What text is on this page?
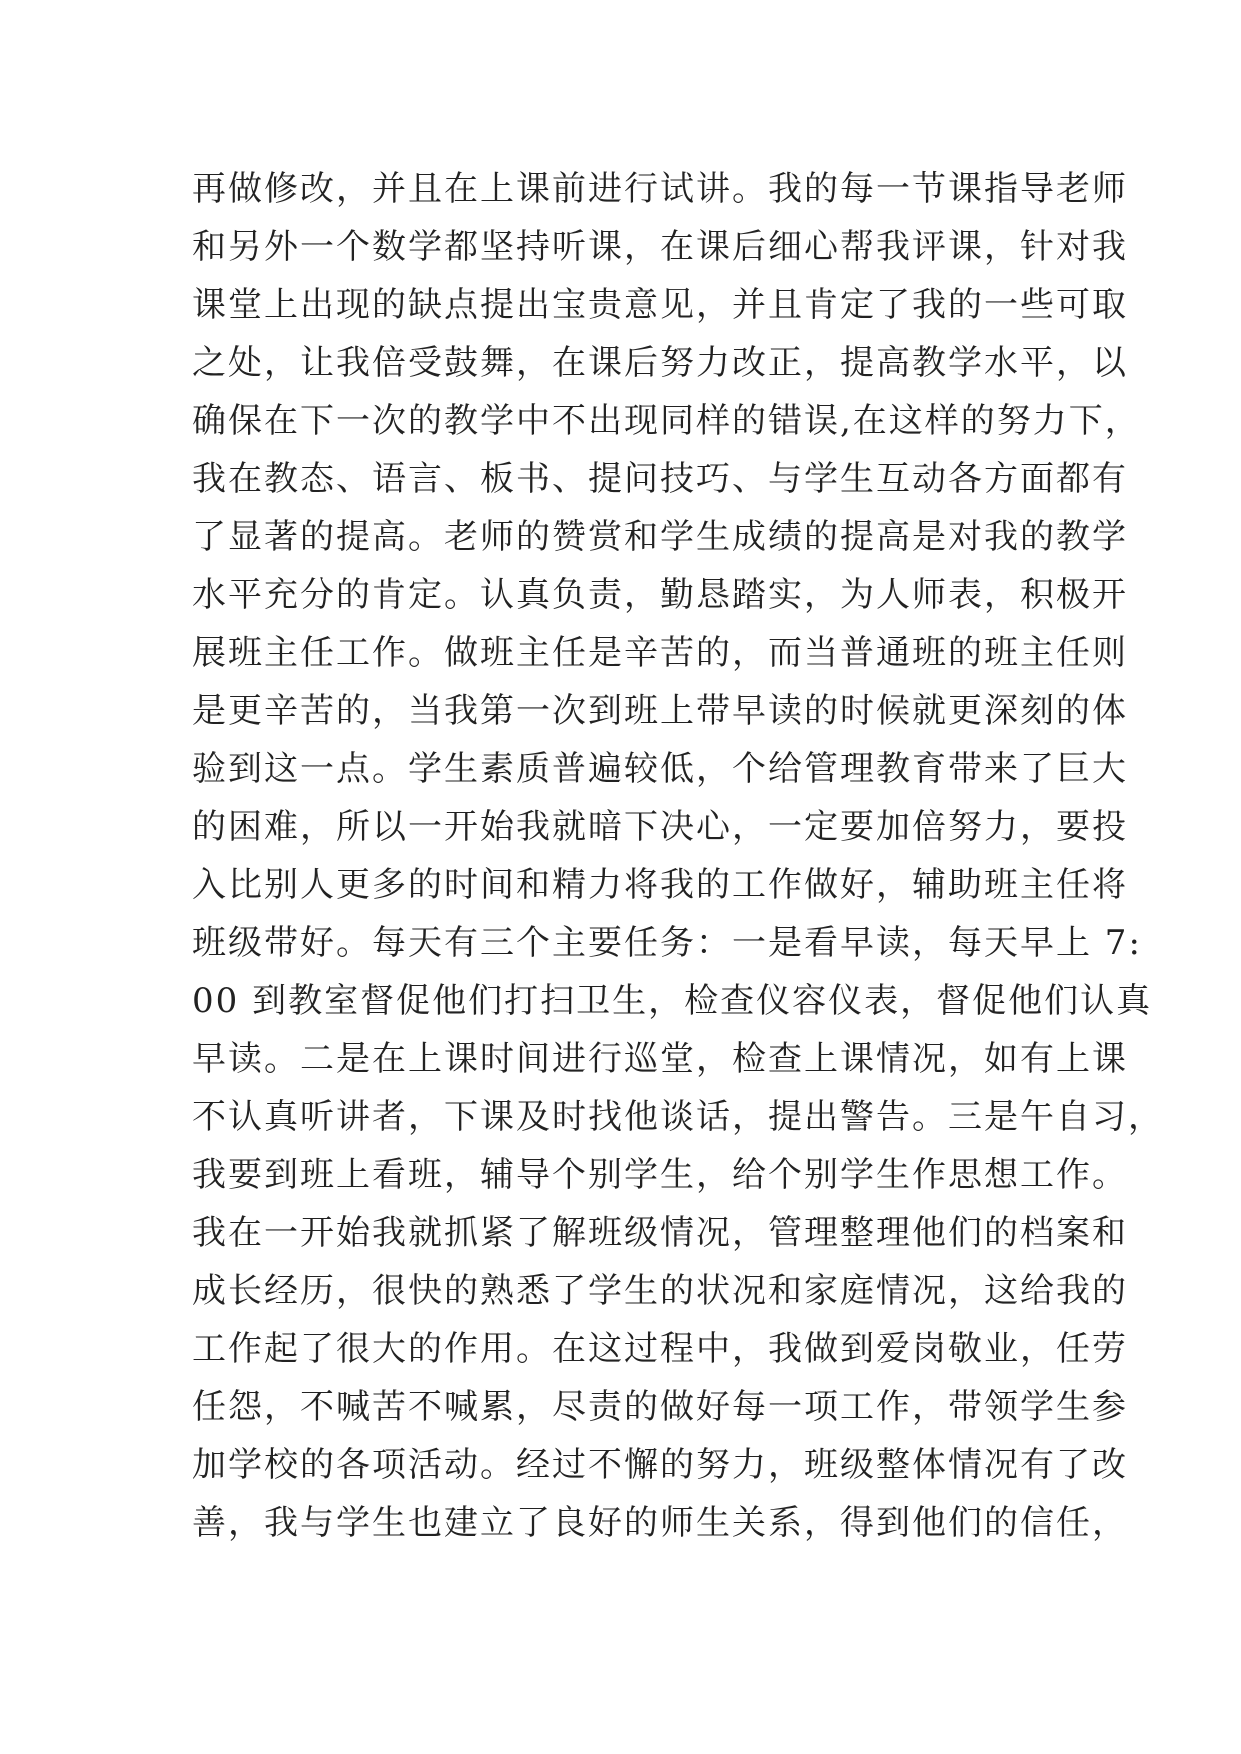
再做修改，并且在上课前进行试讲。我的每一节课指导老师
和另外一个数学都坚持听课，在课后细心帮我评课，针对我
课堂上出现的缺点提出宝贵意见，并且肯定了我的一些可取
之处，让我倍受鼓舞，在课后努力改正，提高教学水平，以
确保在下一次的教学中不出现同样的错误,在这样的努力下，
我在教态、语言、板书、提问技巧、与学生互动各方面都有
了显著的提高。老师的赞赏和学生成绩的提高是对我的教学
水平充分的肯定。认真负责，勤恳踏实，为人师表，积极开
展班主任工作。做班主任是辛苦的，而当普通班的班主任则
是更辛苦的，当我第一次到班上带早读的时候就更深刻的体
验到这一点。学生素质普遍较低，个给管理教育带来了巨大
的困难，所以一开始我就暗下决心，一定要加倍努力，要投
入比别人更多的时间和精力将我的工作做好，辅助班主任将
班级带好。每天有三个主要任务：一是看早读，每天早上 7:
00 到教室督促他们打扫卫生，检查仪容仪表，督促他们认真
早读。二是在上课时间进行巡堂，检查上课情况，如有上课
不认真听讲者，下课及时找他谈话，提出警告。三是午自习，
我要到班上看班，辅导个别学生，给个别学生作思想工作。
我在一开始我就抓紧了解班级情况，管理整理他们的档案和
成长经历，很快的熟悉了学生的状况和家庭情况，这给我的
工作起了很大的作用。在这过程中，我做到爱岗敬业，任劳
任怨，不喊苦不喊累，尽责的做好每一项工作，带领学生参
加学校的各项活动。经过不懈的努力，班级整体情况有了改
善，我与学生也建立了良好的师生关系，得到他们的信任，
